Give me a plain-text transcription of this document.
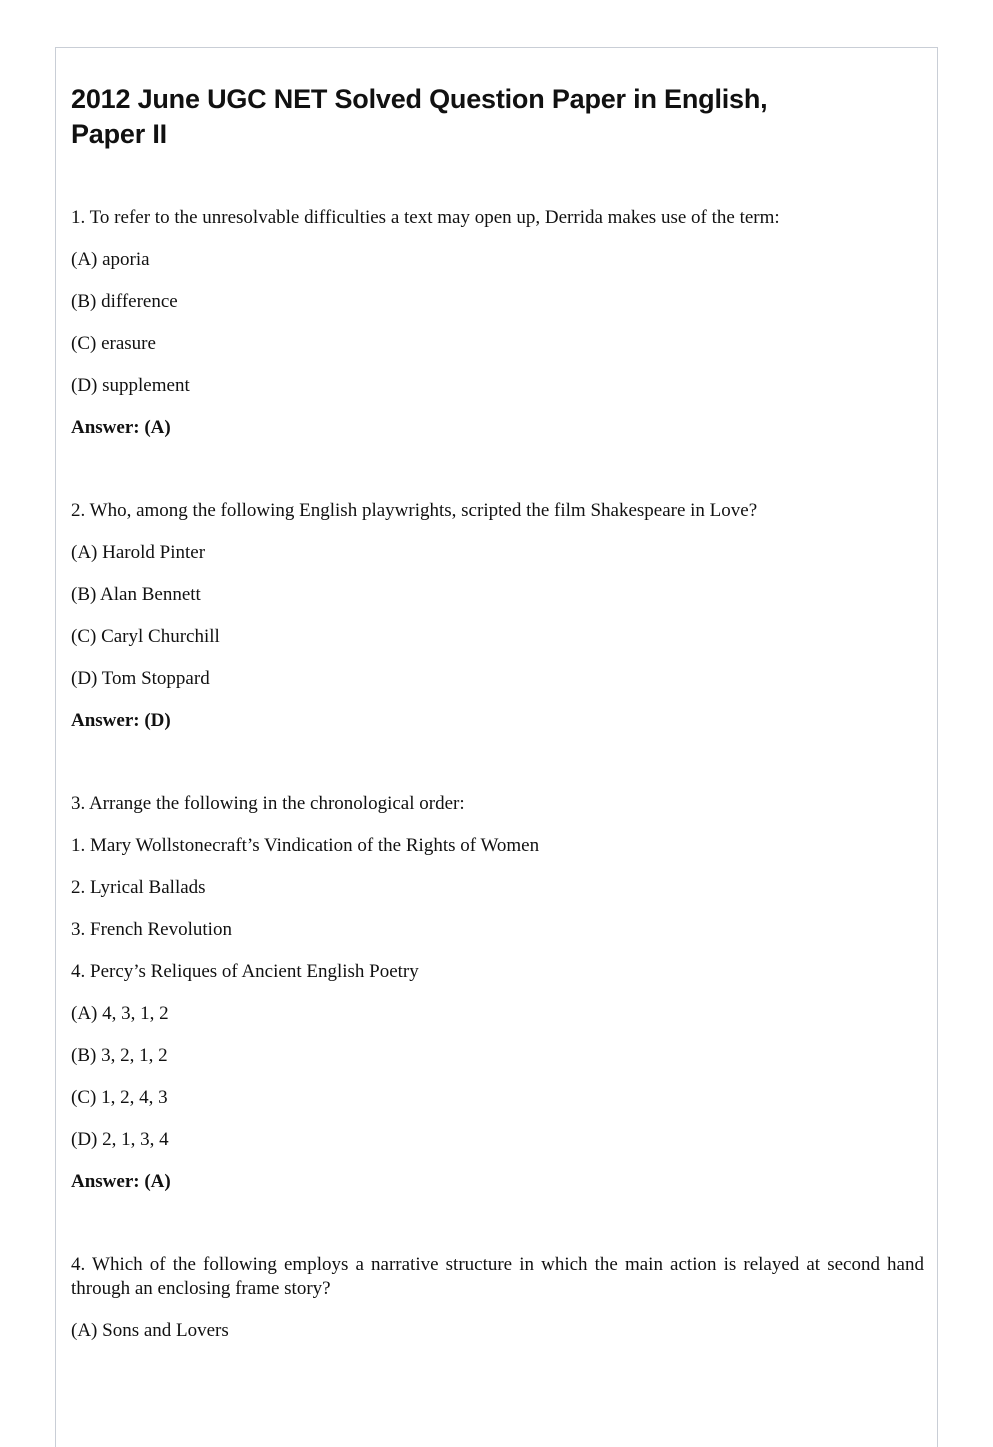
2012 June UGC NET Solved Question Paper in English,
Paper II

1. To refer to the unresolvable difficulties a text may open up, Derrida makes use of the term:

(A) aporia

(B) difference

(C) erasure

(D) supplement

Answer: (A)

2. Who, among the following English playwrights, scripted the film Shakespeare in Love?

(A) Harold Pinter

(B) Alan Bennett

(C) Caryl Churchill

(D) Tom Stoppard

Answer: (D)

3. Arrange the following in the chronological order:

1. Mary Wollstonecraft’s Vindication of the Rights of Women

2. Lyrical Ballads

3. French Revolution

4. Percy’s Reliques of Ancient English Poetry

(A) 4, 3, 1, 2

(B) 3, 2, 1, 2

(C) 1, 2, 4, 3

(D) 2, 1, 3, 4

Answer: (A)

4. Which of the following employs a narrative structure in which the main action is relayed at second hand through an enclosing frame story?

(A) Sons and Lovers
